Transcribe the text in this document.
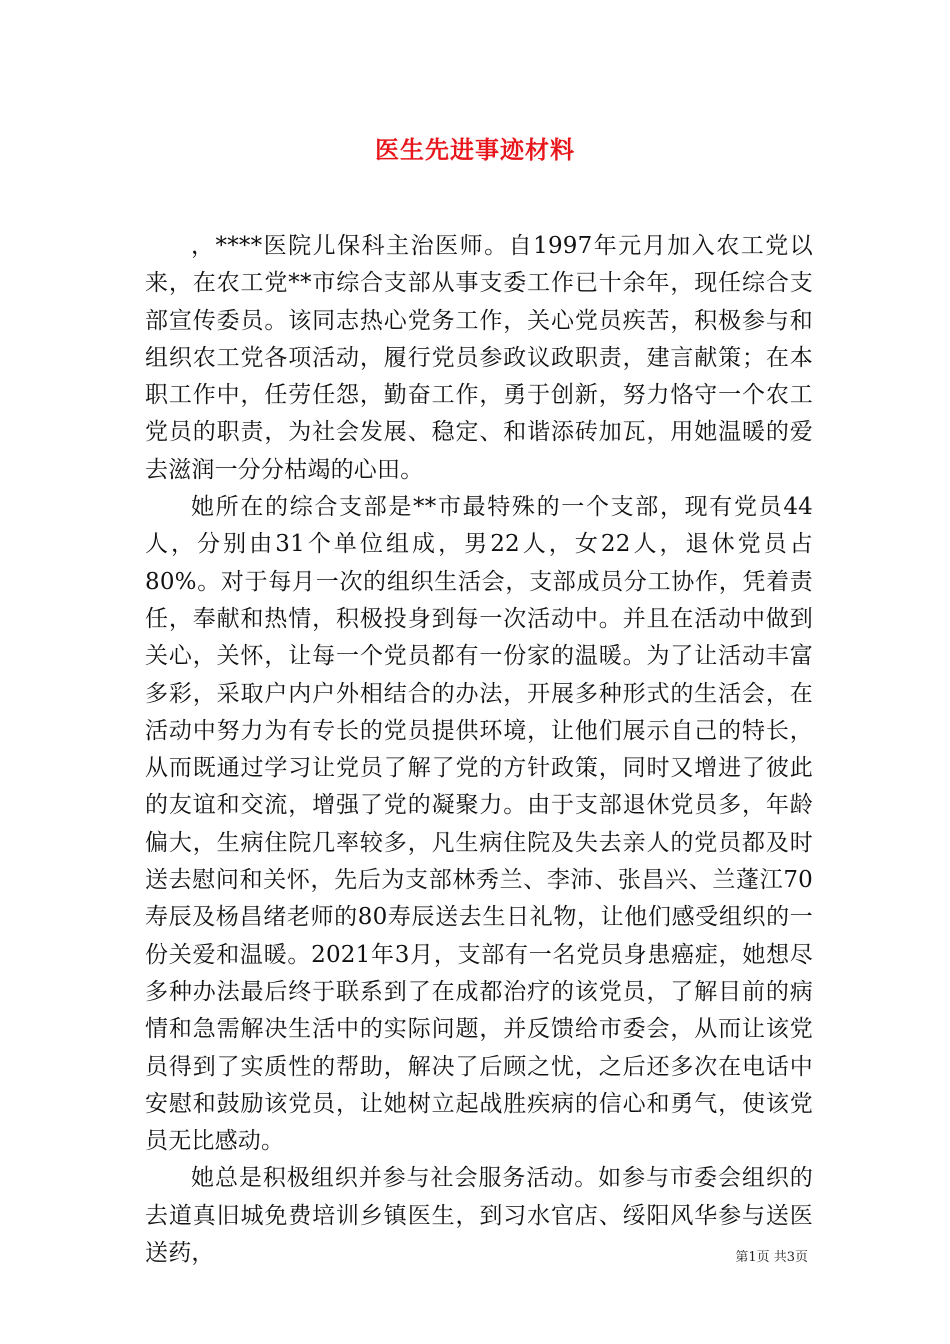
医生先进事迹材料

，****医院儿保科主治医师。自1997年元月加入农工党以来，在农工党**市综合支部从事支委工作已十余年，现任综合支部宣传委员。该同志热心党务工作，关心党员疾苦，积极参与和组织农工党各项活动，履行党员参政议政职责，建言献策；在本职工作中，任劳任怨，勤奋工作，勇于创新，努力恪守一个农工党员的职责，为社会发展、稳定、和谐添砖加瓦，用她温暖的爱去滋润一分分枯竭的心田。

她所在的综合支部是**市最特殊的一个支部，现有党员44人，分别由31个单位组成，男22人，女22人，退休党员占80%。对于每月一次的组织生活会，支部成员分工协作，凭着责任，奉献和热情，积极投身到每一次活动中。并且在活动中做到关心，关怀，让每一个党员都有一份家的温暖。为了让活动丰富多彩，采取户内户外相结合的办法，开展多种形式的生活会，在活动中努力为有专长的党员提供环境，让他们展示自己的特长，从而既通过学习让党员了解了党的方针政策，同时又增进了彼此的友谊和交流，增强了党的凝聚力。由于支部退休党员多，年龄偏大，生病住院几率较多，凡生病住院及失去亲人的党员都及时送去慰问和关怀，先后为支部林秀兰、李沛、张昌兴、兰蓬江70寿辰及杨昌绪老师的80寿辰送去生日礼物，让他们感受组织的一份关爱和温暖。2021年3月，支部有一名党员身患癌症，她想尽多种办法最后终于联系到了在成都治疗的该党员，了解目前的病情和急需解决生活中的实际问题，并反馈给市委会，从而让该党员得到了实质性的帮助，解决了后顾之忧，之后还多次在电话中安慰和鼓励该党员，让她树立起战胜疾病的信心和勇气，使该党员无比感动。

她总是积极组织并参与社会服务活动。如参与市委会组织的去道真旧城免费培训乡镇医生，到习水官店、绥阳风华参与送医送药，	第1页 共3页
